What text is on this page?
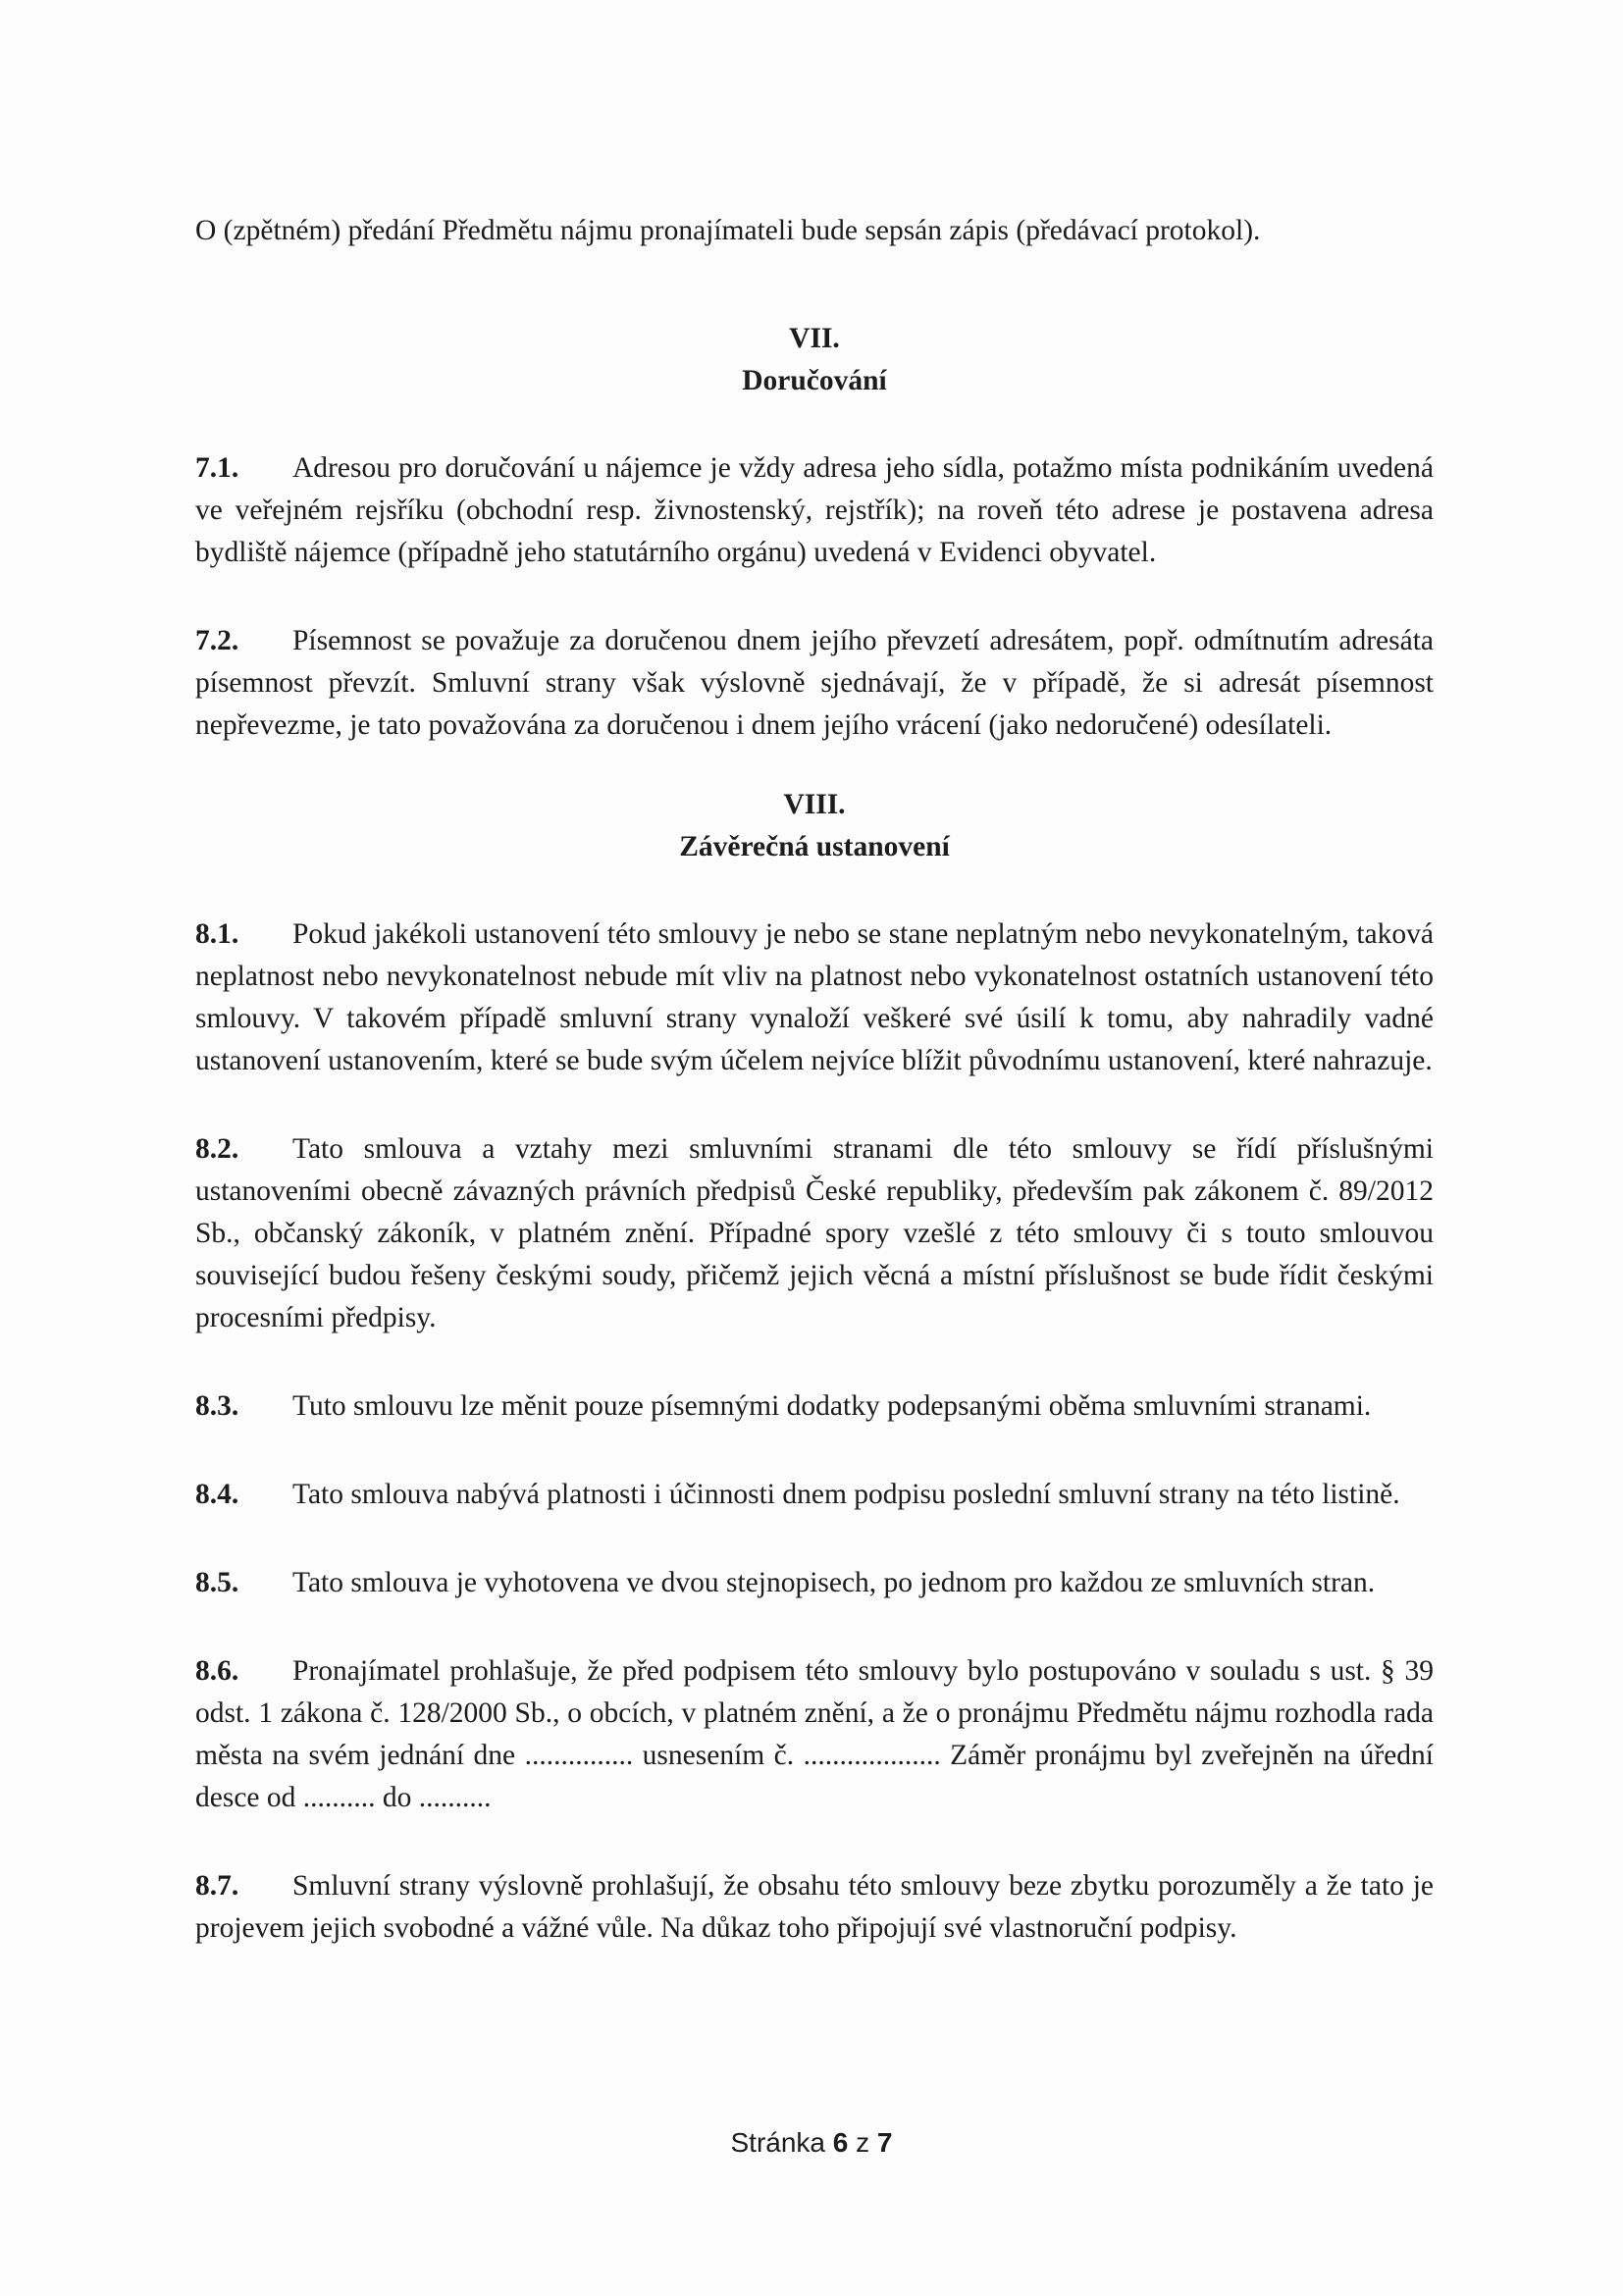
O (zpětném) předání Předmětu nájmu pronajímateli bude sepsán zápis (předávací protokol).

VII.

Doručování

7.1. Adresou pro doručování u nájemce je vždy adresa jeho sídla, potažmo místa podnikáním uvedená ve veřejném rejsříku (obchodní resp. živnostenský, rejstřík); na roveň této adrese je postavena adresa bydliště nájemce (případně jeho statutárního orgánu) uvedená v Evidenci obyvatel.

7.2. Písemnost se považuje za doručenou dnem jejího převzetí adresátem, popř. odmítnutím adresáta písemnost převzít. Smluvní strany však výslovně sjednávají, že v případě, že si adresát písemnost nepřevezme, je tato považována za doručenou i dnem jejího vrácení (jako nedoručené) odesílateli.

VIII.

Závěrečná ustanovení

8.1. Pokud jakékoli ustanovení této smlouvy je nebo se stane neplatným nebo nevykonatelným, taková neplatnost nebo nevykonatelnost nebude mít vliv na platnost nebo vykonatelnost ostatních ustanovení této smlouvy. V takovém případě smluvní strany vynaloží veškeré své úsilí k tomu, aby nahradily vadné ustanovení ustanovením, které se bude svým účelem nejvíce blížit původnímu ustanovení, které nahrazuje.

8.2. Tato smlouva a vztahy mezi smluvními stranami dle této smlouvy se řídí příslušnými ustanoveními obecně závazných právních předpisů České republiky, především pak zákonem č. 89/2012 Sb., občanský zákoník, v platném znění. Případné spory vzešlé z této smlouvy či s touto smlouvou související budou řešeny českými soudy, přičemž jejich věcná a místní příslušnost se bude řídit českými procesními předpisy.

8.3. Tuto smlouvu lze měnit pouze písemnými dodatky podepsanými oběma smluvními stranami.

8.4. Tato smlouva nabývá platnosti i účinnosti dnem podpisu poslední smluvní strany na této listině.

8.5. Tato smlouva je vyhotovena ve dvou stejnopisech, po jednom pro každou ze smluvních stran.

8.6. Pronajímatel prohlašuje, že před podpisem této smlouvy bylo postupováno v souladu s ust. § 39 odst. 1 zákona č. 128/2000 Sb., o obcích, v platném znění, a že o pronájmu Předmětu nájmu rozhodla rada města na svém jednání dne ............... usnesením č. ................... Záměr pronájmu byl zveřejněn na úřední desce od .......... do ..........

8.7. Smluvní strany výslovně prohlašují, že obsahu této smlouvy beze zbytku porozuměly a že tato je projevem jejich svobodné a vážné vůle. Na důkaz toho připojují své vlastnoruční podpisy.

Stránka 6 z 7
